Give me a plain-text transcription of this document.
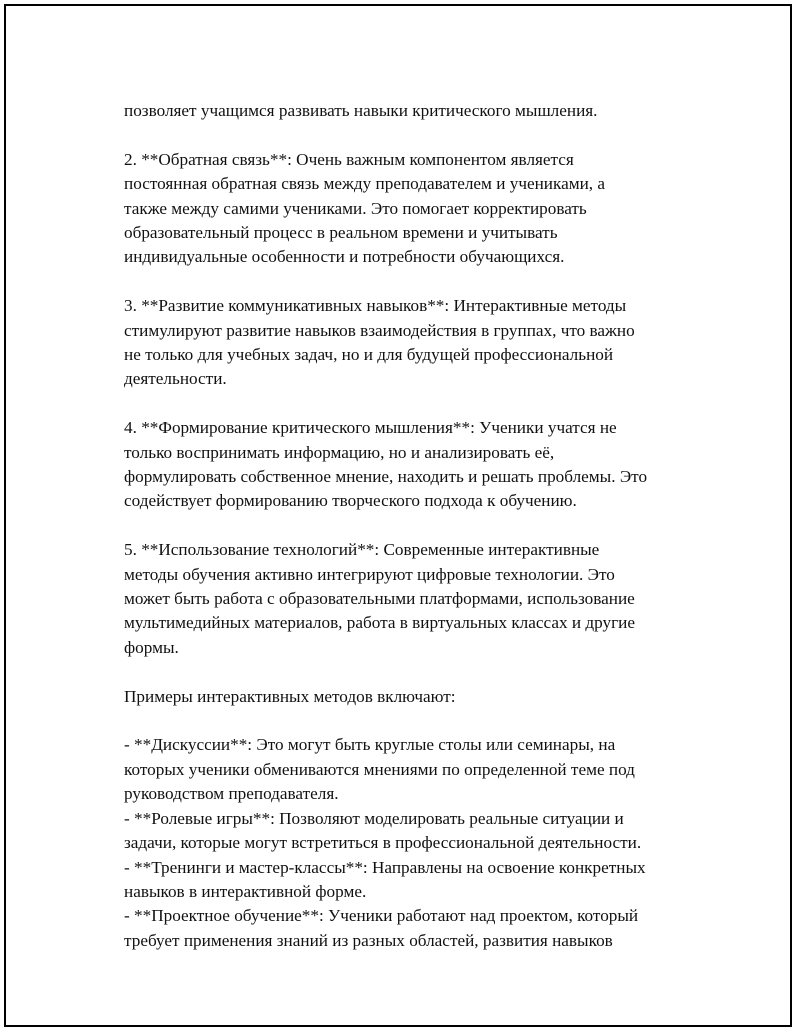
позволяет учащимся развивать навыки критического мышления.

2. **Обратная связь**: Очень важным компонентом является
постоянная обратная связь между преподавателем и учениками, а
также между самими учениками. Это помогает корректировать
образовательный процесс в реальном времени и учитывать
индивидуальные особенности и потребности обучающихся.

3. **Развитие коммуникативных навыков**: Интерактивные методы
стимулируют развитие навыков взаимодействия в группах, что важно
не только для учебных задач, но и для будущей профессиональной
деятельности.

4. **Формирование критического мышления**: Ученики учатся не
только воспринимать информацию, но и анализировать её,
формулировать собственное мнение, находить и решать проблемы. Это
содействует формированию творческого подхода к обучению.

5. **Использование технологий**: Современные интерактивные
методы обучения активно интегрируют цифровые технологии. Это
может быть работа с образовательными платформами, использование
мультимедийных материалов, работа в виртуальных классах и другие
формы.

Примеры интерактивных методов включают:

- **Дискуссии**: Это могут быть круглые столы или семинары, на
которых ученики обмениваются мнениями по определенной теме под
руководством преподавателя.
- **Ролевые игры**: Позволяют моделировать реальные ситуации и
задачи, которые могут встретиться в профессиональной деятельности.
- **Тренинги и мастер-классы**: Направлены на освоение конкретных
навыков в интерактивной форме.
- **Проектное обучение**: Ученики работают над проектом, который
требует применения знаний из разных областей, развития навыков
